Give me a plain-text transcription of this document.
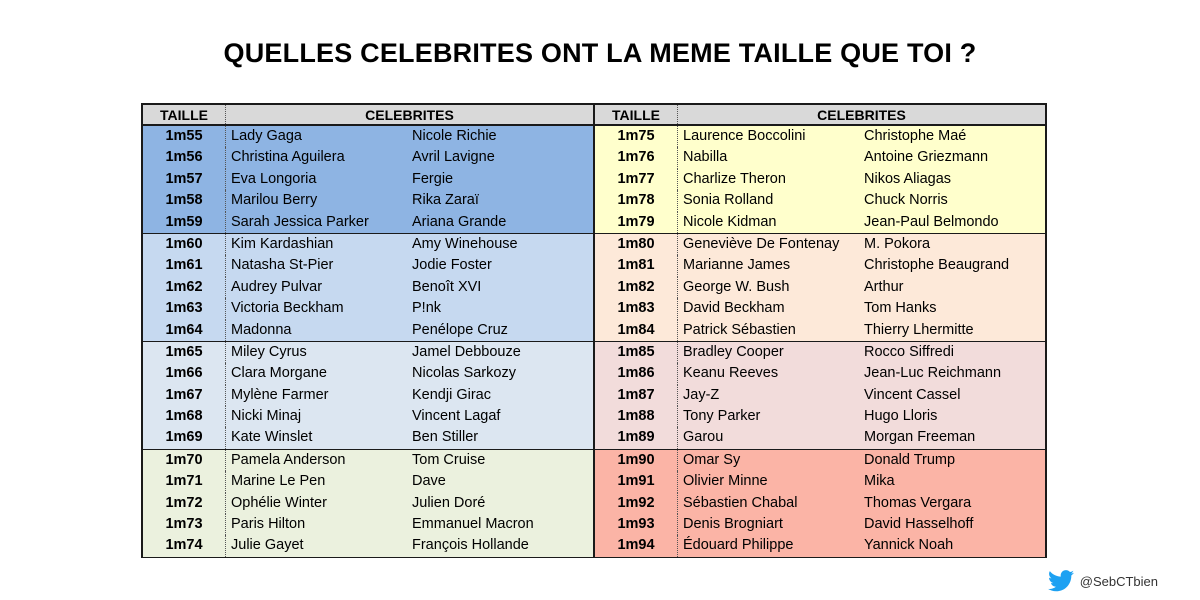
QUELLES CELEBRITES ONT LA MEME TAILLE QUE TOI ?
TAILLE	CELEBRITES
1m55	Lady Gaga	Nicole Richie
1m56	Christina Aguilera	Avril Lavigne
1m57	Eva Longoria	Fergie
1m58	Marilou Berry	Rika Zaraï
1m59	Sarah Jessica Parker	Ariana Grande
1m60	Kim Kardashian	Amy Winehouse
1m61	Natasha St-Pier	Jodie Foster
1m62	Audrey Pulvar	Benoît XVI
1m63	Victoria Beckham	P!nk
1m64	Madonna	Penélope Cruz
1m65	Miley Cyrus	Jamel Debbouze
1m66	Clara Morgane	Nicolas Sarkozy
1m67	Mylène Farmer	Kendji Girac
1m68	Nicki Minaj	Vincent Lagaf
1m69	Kate Winslet	Ben Stiller
1m70	Pamela Anderson	Tom Cruise
1m71	Marine Le Pen	Dave
1m72	Ophélie Winter	Julien Doré
1m73	Paris Hilton	Emmanuel Macron
1m74	Julie Gayet	François Hollande
TAILLE	CELEBRITES
1m75	Laurence Boccolini	Christophe Maé
1m76	Nabilla	Antoine Griezmann
1m77	Charlize Theron	Nikos Aliagas
1m78	Sonia Rolland	Chuck Norris
1m79	Nicole Kidman	Jean-Paul Belmondo
1m80	Geneviève De Fontenay	M. Pokora
1m81	Marianne James	Christophe Beaugrand
1m82	George W. Bush	Arthur
1m83	David Beckham	Tom Hanks
1m84	Patrick Sébastien	Thierry Lhermitte
1m85	Bradley Cooper	Rocco Siffredi
1m86	Keanu Reeves	Jean-Luc Reichmann
1m87	Jay-Z	Vincent Cassel
1m88	Tony Parker	Hugo Lloris
1m89	Garou	Morgan Freeman
1m90	Omar Sy	Donald Trump
1m91	Olivier Minne	Mika
1m92	Sébastien Chabal	Thomas Vergara
1m93	Denis Brogniart	David Hasselhoff
1m94	Édouard Philippe	Yannick Noah
@SebCTbien
